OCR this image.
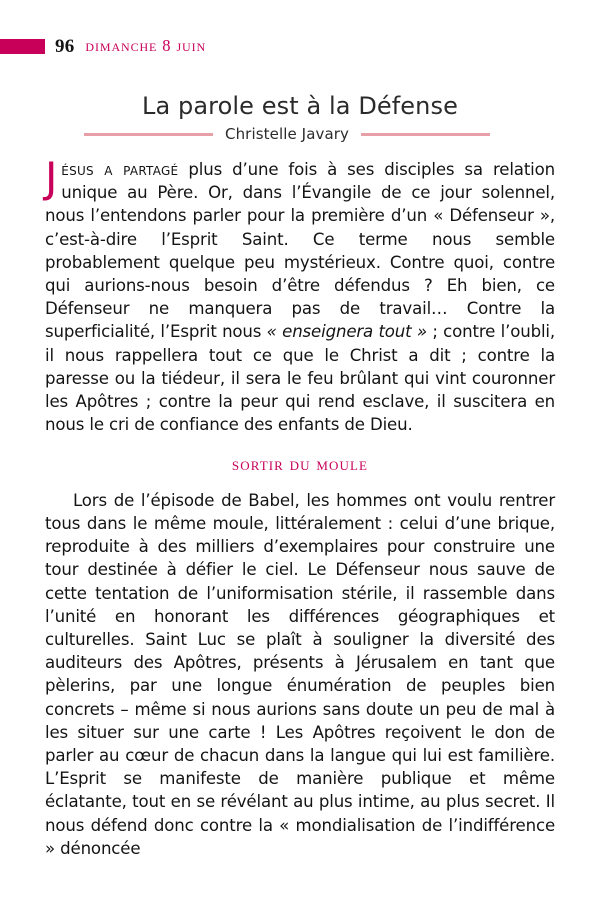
96 dimanche 8 juin
La parole est à la Défense
Christelle Javary

Jésus a partagé plus d’une fois à ses disciples sa relation unique au Père. Or, dans l’Évangile de ce jour solennel, nous l’entendons parler pour la première d’un « Défenseur », c’est-à-dire l’Esprit Saint. Ce terme nous semble probablement quelque peu mystérieux. Contre quoi, contre qui aurions-nous besoin d’être défendus ? Eh bien, ce Défenseur ne manquera pas de travail… Contre la superficialité, l’Esprit nous « enseignera tout » ; contre l’oubli, il nous rappellera tout ce que le Christ a dit ; contre la paresse ou la tiédeur, il sera le feu brûlant qui vint couronner les Apôtres ; contre la peur qui rend esclave, il suscitera en nous le cri de confiance des enfants de Dieu.

sortir du moule

Lors de l’épisode de Babel, les hommes ont voulu rentrer tous dans le même moule, littéralement : celui d’une brique, reproduite à des milliers d’exemplaires pour construire une tour destinée à défier le ciel. Le Défenseur nous sauve de cette tentation de l’uniformisation stérile, il rassemble dans l’unité en honorant les différences géographiques et culturelles. Saint Luc se plaît à souligner la diversité des auditeurs des Apôtres, présents à Jérusalem en tant que pèlerins, par une longue énumération de peuples bien concrets – même si nous aurions sans doute un peu de mal à les situer sur une carte ! Les Apôtres reçoivent le don de parler au cœur de chacun dans la langue qui lui est familière. L’Esprit se manifeste de manière publique et même éclatante, tout en se révélant au plus intime, au plus secret. Il nous défend donc contre la « mondialisation de l’indifférence » dénoncée
